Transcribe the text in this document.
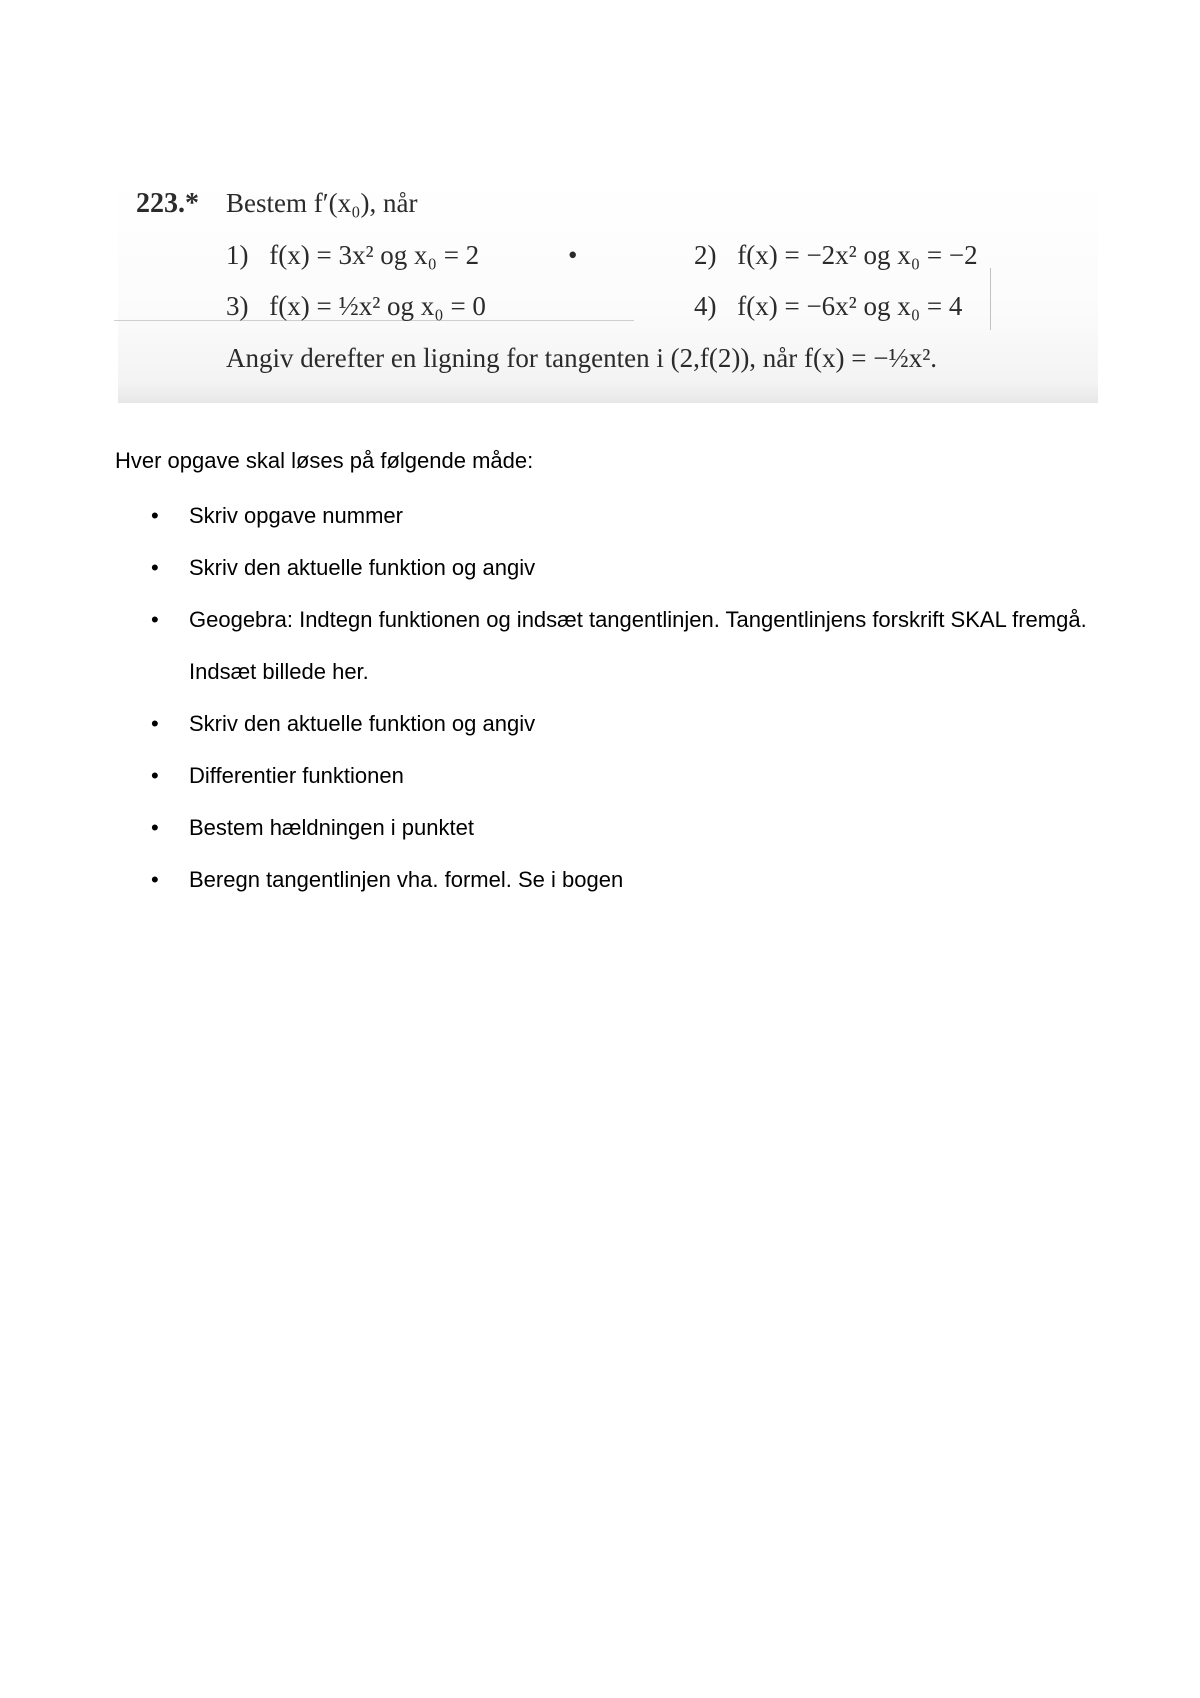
223.* Bestem f′(x₀), når
•
1) f(x) = 3x² og x₀ = 2	2) f(x) = −2x² og x₀ = −2
3) f(x) = ½x² og x₀ = 0	4) f(x) = −6x² og x₀ = 4
Angiv derefter en ligning for tangenten i (2,f(2)), når f(x) = −½x².

Hver opgave skal løses på følgende måde:

• Skriv opgave nummer
• Skriv den aktuelle funktion og angiv
• Geogebra: Indtegn funktionen og indsæt tangentlinjen. Tangentlinjens forskrift SKAL fremgå. Indsæt billede her.
• Skriv den aktuelle funktion og angiv
• Differentier funktionen
• Bestem hældningen i punktet
• Beregn tangentlinjen vha. formel. Se i bogen
